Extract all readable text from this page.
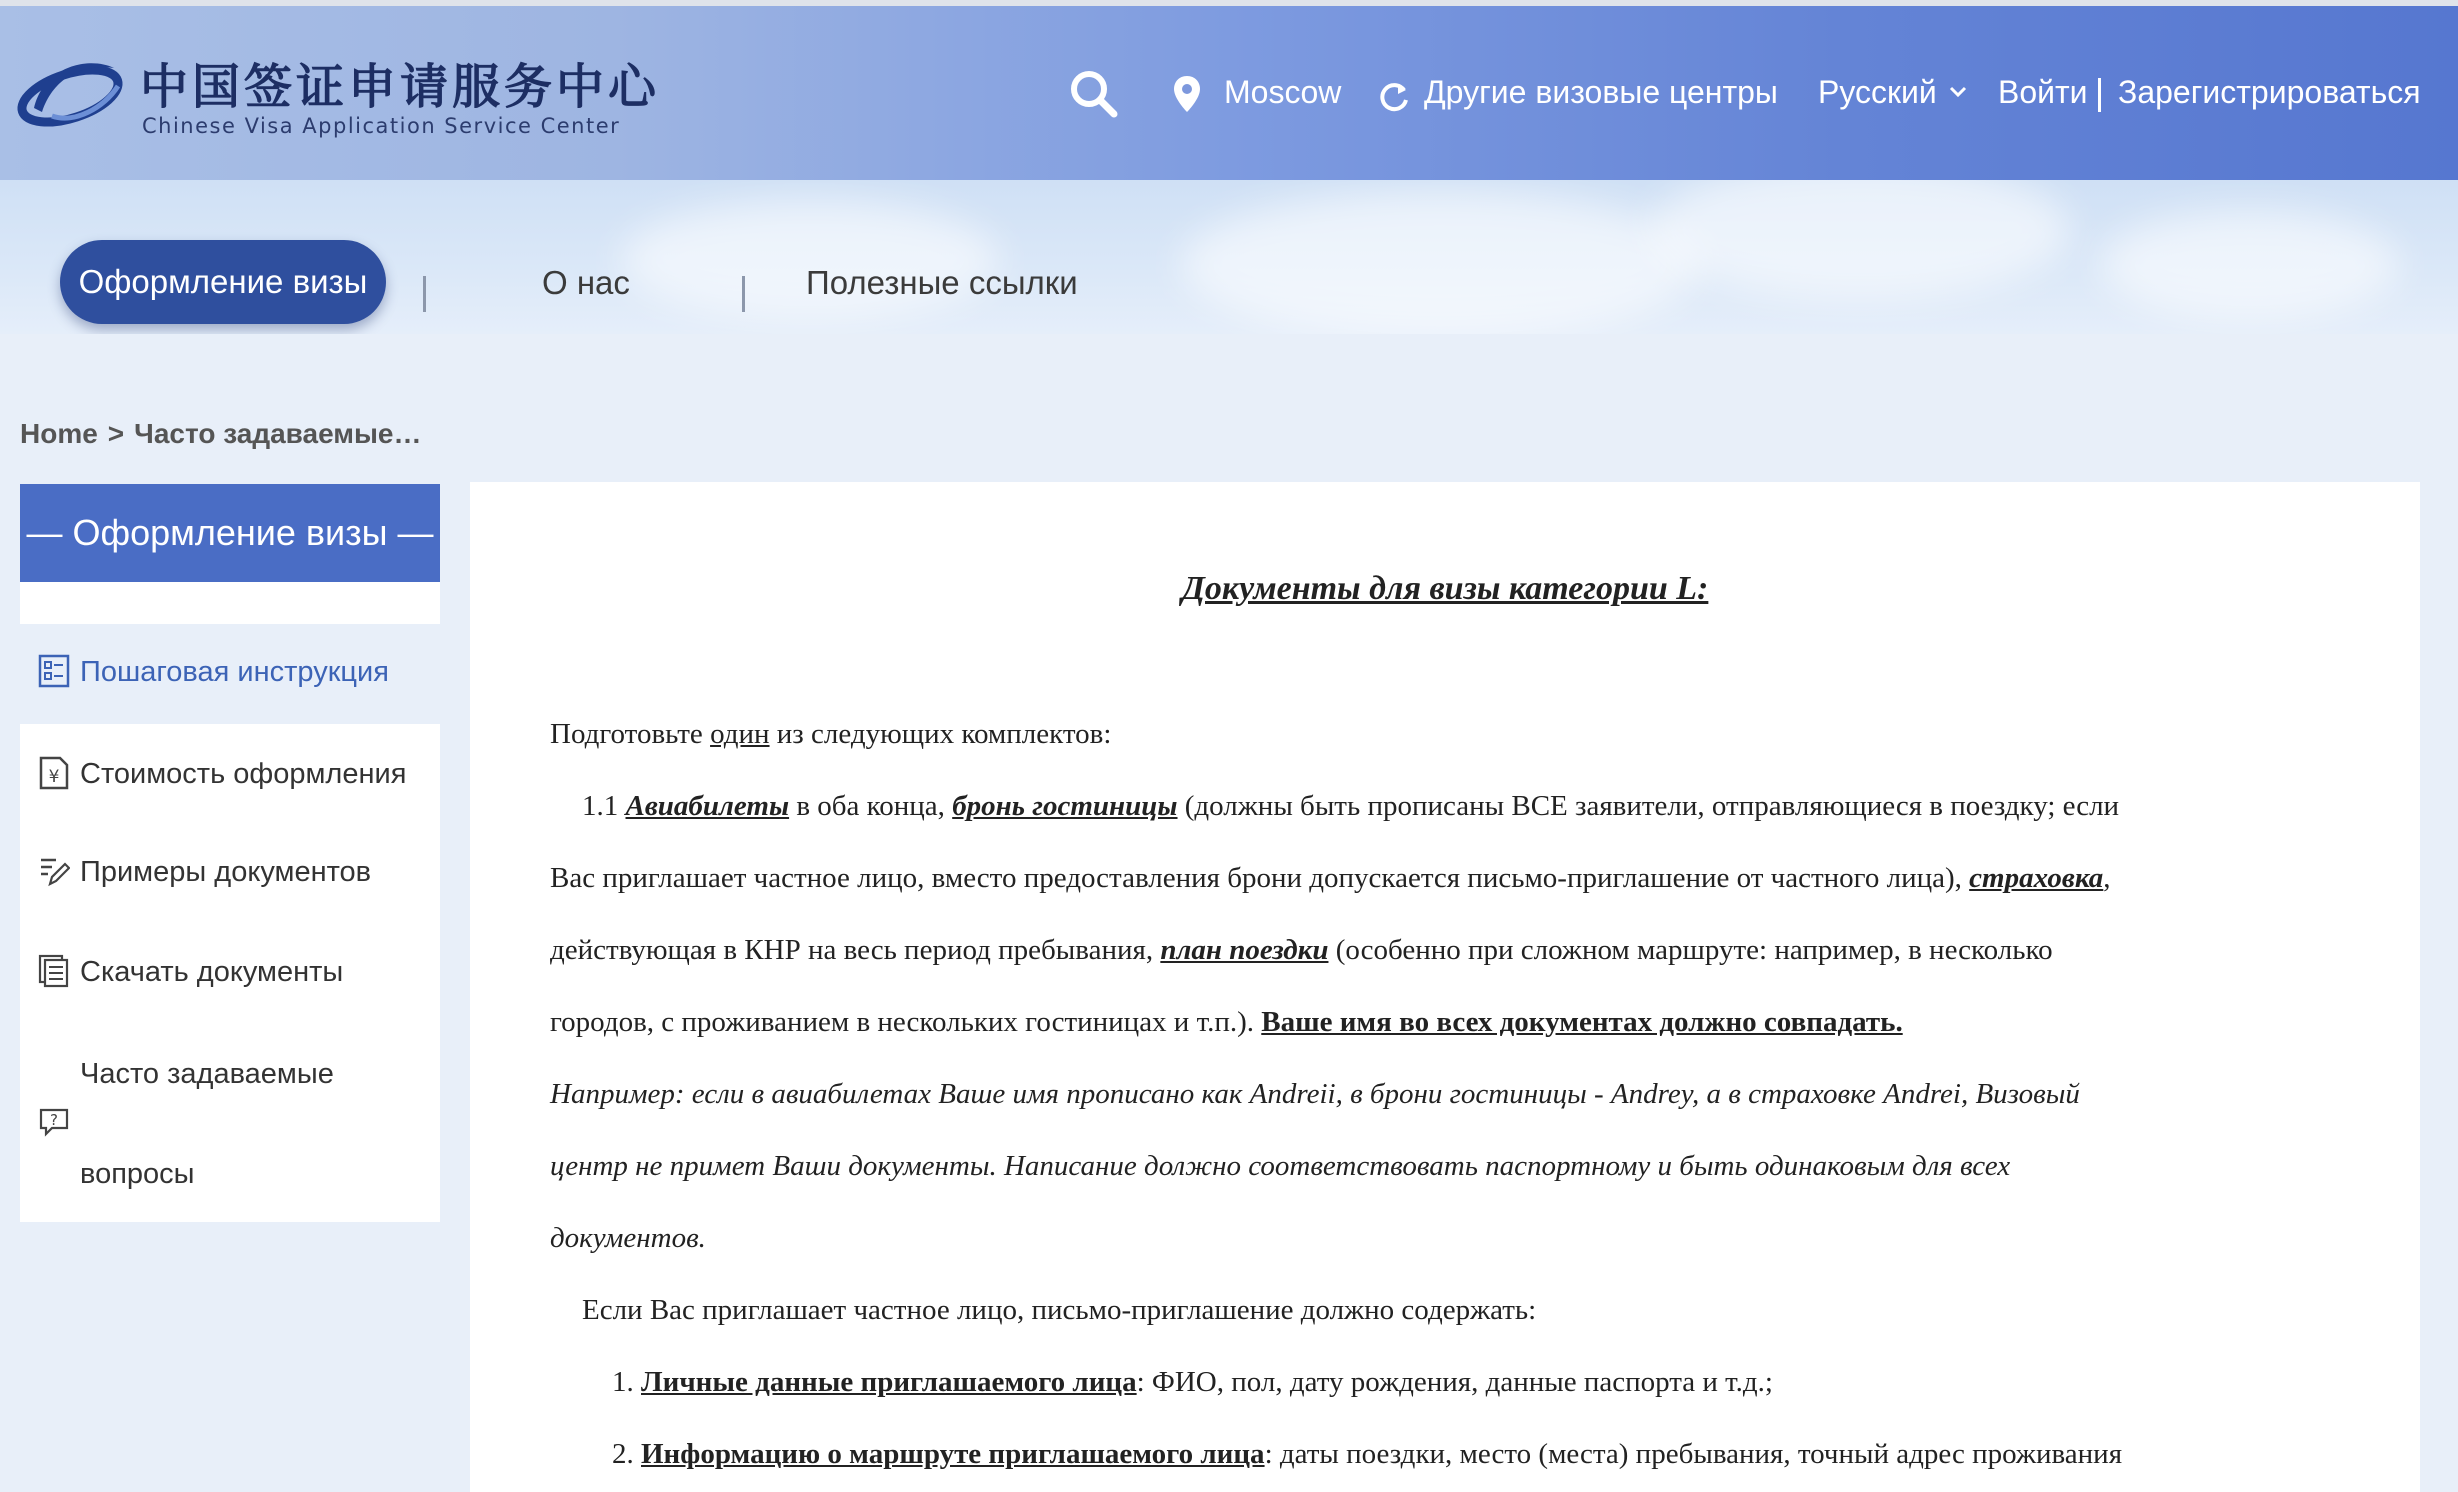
中国签证申请服务中心
Chinese Visa Application Service Center
Moscow	Другие визовые центры Русский Войти Зарегистрироваться
Оформление визы	О нас	Полезные ссылки
Home > Часто задаваемые…
— Оформление визы —
Пошаговая инструкция
¥ Стоимость оформления
Примеры документов
Скачать документы
?
Часто задаваемые
вопросы
Документы для визы категории L:
Подготовьте один из следующих комплектов:
1.1 Авиабилеты в оба конца, бронь гостиницы (должны быть прописаны ВСЕ заявители, отправляющиеся в поездку; если
Вас приглашает частное лицо, вместо предоставления брони допускается письмо-приглашение от частного лица), страховка,
действующая в КНР на весь период пребывания, план поездки (особенно при сложном маршруте: например, в несколько
городов, с проживанием в нескольких гостиницах и т.п.). Ваше имя во всех документах должно совпадать.
Например: если в авиабилетах Ваше имя прописано как Andreii, в брони гостиницы - Andrey, а в страховке Andrei, Визовый
центр не примет Ваши документы. Написание должно соответствовать паспортному и быть одинаковым для всех
документов.
Если Вас приглашает частное лицо, письмо-приглашение должно содержать:
1. Личные данные приглашаемого лица: ФИО, пол, дату рождения, данные паспорта и т.д.;
2. Информацию о маршруте приглашаемого лица: даты поездки, место (места) пребывания, точный адрес проживания
